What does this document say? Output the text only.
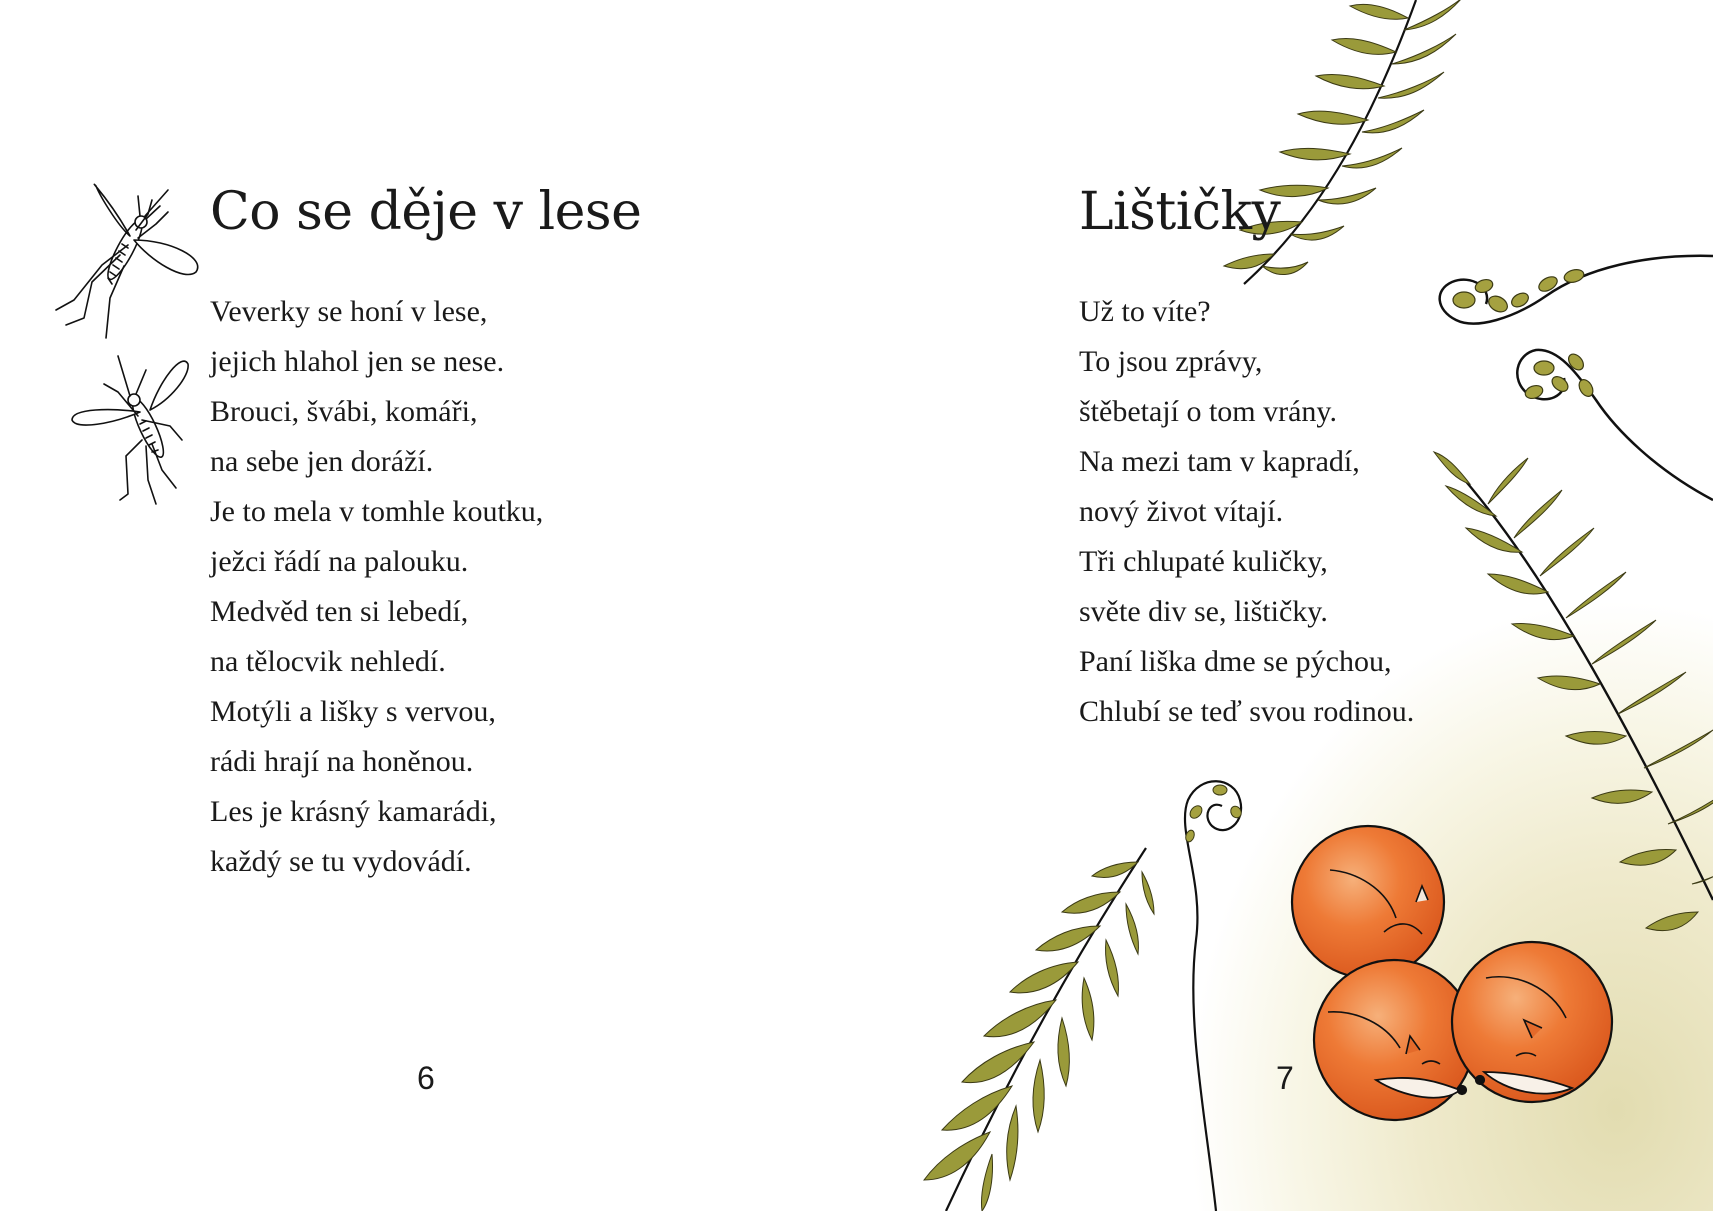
Co se děje v lese
Veverky se honí v lese,
jejich hlahol jen se nese.
Brouci, švábi, komáři,
na sebe jen doráží.
Je to mela v tomhle koutku,
ježci řádí na palouku.
Medvěd ten si lebedí,
na tělocvik nehledí.
Motýli a lišky s vervou,
rádi hrají na honěnou.
Les je krásný kamarádi,
každý se tu vydovádí.
6
Lištičky
Už to víte?
To jsou zprávy,
štěbetají o tom vrány.
Na mezi tam v kapradí,
nový život vítají.
Tři chlupaté kuličky,
světe div se, lištičky.
Paní liška dme se pýchou,
Chlubí se teď svou rodinou.
7
